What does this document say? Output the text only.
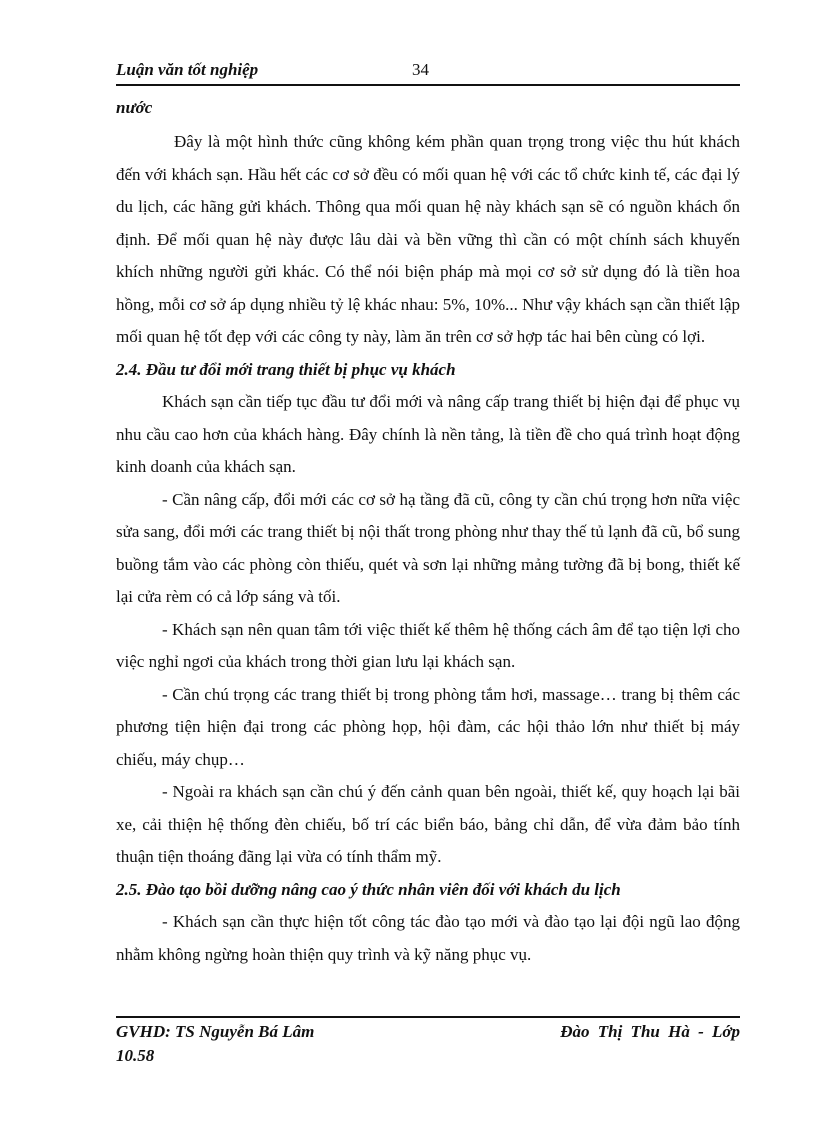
Luận văn tốt nghiệp	34

nước

Đây là một hình thức cũng không kém phần quan trọng trong việc thu hút khách đến với khách sạn. Hầu hết các cơ sở đều có mối quan hệ với các tổ chức kinh tế, các đại lý du lịch, các hãng gửi khách. Thông qua mối quan hệ này khách sạn sẽ có nguồn khách ổn định. Để mối quan hệ này được lâu dài và bền vững thì cần có một chính sách khuyến khích những người gửi khác. Có thể nói biện pháp mà mọi cơ sở sử dụng đó là tiền hoa hồng, mỗi cơ sở áp dụng nhiều tỷ lệ khác nhau: 5%, 10%... Như vậy khách sạn cần thiết lập mối quan hệ tốt đẹp với các công ty này, làm ăn trên cơ sở hợp tác hai bên cùng có lợi.

2.4. Đầu tư đổi mới trang thiết bị phục vụ khách

Khách sạn cần tiếp tục đầu tư đổi mới và nâng cấp trang thiết bị hiện đại để phục vụ nhu cầu cao hơn của khách hàng. Đây chính là nền tảng, là tiền đề cho quá trình hoạt động kinh doanh của khách sạn.

- Cần nâng cấp, đổi mới các cơ sở hạ tầng đã cũ, công ty cần chú trọng hơn nữa việc sửa sang, đổi mới các trang thiết bị nội thất trong phòng như thay thế tủ lạnh đã cũ, bổ sung buồng tắm vào các phòng còn thiếu, quét và sơn lại những mảng tường đã bị bong, thiết kế lại cửa rèm có cả lớp sáng và tối.

- Khách sạn nên quan tâm tới việc thiết kế thêm hệ thống cách âm để tạo tiện lợi cho việc nghỉ ngơi của khách trong thời gian lưu lại khách sạn.

- Cần chú trọng các trang thiết bị trong phòng tắm hơi, massage… trang bị thêm các phương tiện hiện đại trong các phòng họp, hội đàm, các hội thảo lớn như thiết bị máy chiếu, máy chụp…

- Ngoài ra khách sạn cần chú ý đến cảnh quan bên ngoài, thiết kế, quy hoạch lại bãi xe, cải thiện hệ thống đèn chiếu, bố trí các biển báo, bảng chỉ dẫn, để vừa đảm bảo tính thuận tiện thoáng đãng lại vừa có tính thẩm mỹ.

2.5. Đào tạo bồi dưỡng nâng cao ý thức nhân viên đối với khách du lịch

- Khách sạn cần thực hiện tốt công tác đào tạo mới và đào tạo lại đội ngũ lao động nhằm không ngừng hoàn thiện quy trình và kỹ năng phục vụ.

GVHD: TS Nguyễn Bá Lâm	Đào Thị Thu Hà - Lớp
10.58
